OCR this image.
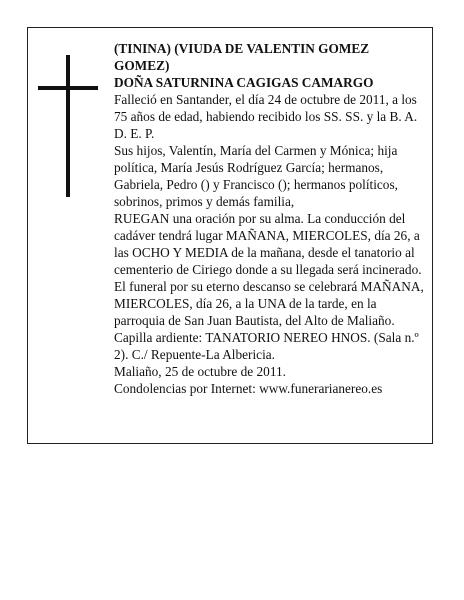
(TININA) (VIUDA DE VALENTIN GOMEZ GOMEZ)

DOÑA SATURNINA CAGIGAS CAMARGO

Falleció en Santander, el día 24 de octubre de 2011, a los 75 años de edad, habiendo recibido los SS. SS. y la B. A.

D. E. P.

Sus hijos, Valentín, María del Carmen y Mónica; hija política, María Jesús Rodríguez García; hermanos, Gabriela, Pedro () y Francisco (); hermanos políticos, sobrinos, primos y demás familia,

RUEGAN una oración por su alma. La conducción del cadáver tendrá lugar MAÑANA, MIERCOLES, día 26, a las OCHO Y MEDIA de la mañana, desde el tanatorio al cementerio de Ciriego donde a su llegada será incinerado. El funeral por su eterno descanso se celebrará MAÑANA, MIERCOLES, día 26, a la UNA de la tarde, en la parroquia de San Juan Bautista, del Alto de Maliaño.

Capilla ardiente: TANATORIO NEREO HNOS. (Sala n.º 2). C./ Repuente-La Albericia.

Maliaño, 25 de octubre de 2011.

Condolencias por Internet: www.funerarianereo.es
